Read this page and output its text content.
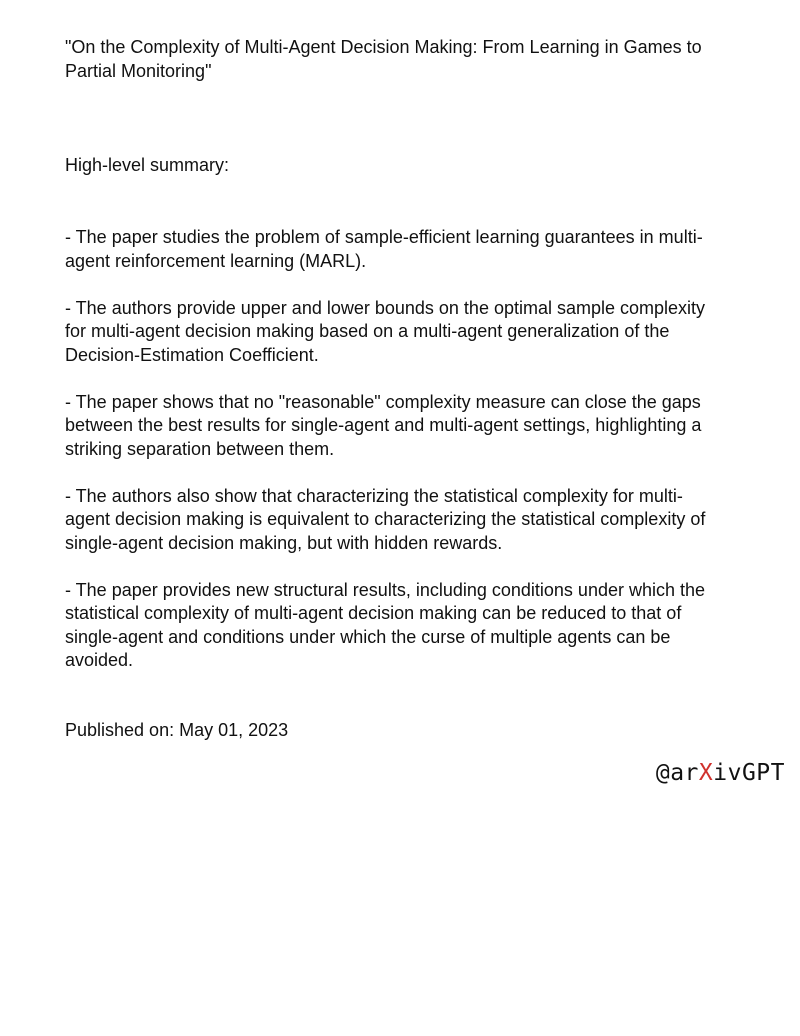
"On the Complexity of Multi-Agent Decision Making: From Learning in Games to Partial Monitoring"

High-level summary:

- The paper studies the problem of sample-efficient learning guarantees in multi-agent reinforcement learning (MARL).
- The authors provide upper and lower bounds on the optimal sample complexity for multi-agent decision making based on a multi-agent generalization of the Decision-Estimation Coefficient.
- The paper shows that no "reasonable" complexity measure can close the gaps between the best results for single-agent and multi-agent settings, highlighting a striking separation between them.
- The authors also show that characterizing the statistical complexity for multi-agent decision making is equivalent to characterizing the statistical complexity of single-agent decision making, but with hidden rewards.
- The paper provides new structural results, including conditions under which the statistical complexity of multi-agent decision making can be reduced to that of single-agent and conditions under which the curse of multiple agents can be avoided.

Published on: May 01, 2023

@arXivGPT
